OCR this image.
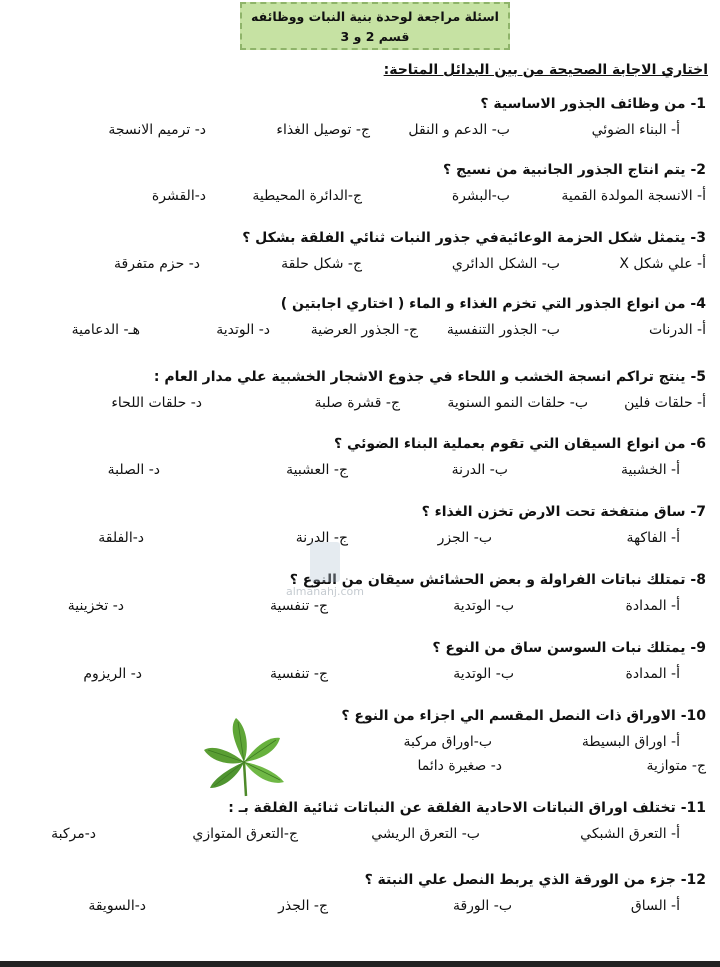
اسئلة مراجعة لوحدة بنية النبات ووظائفه
قسم 2 و 3
اختاري الاجابة الصحيحة من بين البدائل المتاحة:
1- من وظائف الجذور الاساسية ؟
أ- البناء الضوئي
ب- الدعم و النقل
ج- توصيل الغذاء
د- ترميم الانسجة
2- يتم انتاج الجذور الجانبية من نسيج ؟
أ- الانسجة المولدة القمية
ب-البشرة
ج-الدائرة المحيطية
د-القشرة
3- يتمثل شكل الحزمة الوعائيةفي جذور النبات ثنائي الفلقة بشكل ؟
أ- علي شكل X
ب- الشكل الدائري
ج- شكل حلقة
د- حزم متفرقة
4- من انواع الجذور التي تخزم الغذاء و الماء ( اختاري اجابتين )
أ- الدرنات
ب- الجذور التنفسية
ج- الجذور العرضية
د- الوتدية
هـ- الدعامية
5- ينتج تراكم انسجة الخشب و اللحاء في جذوع الاشجار الخشبية علي مدار العام :
أ- حلقات فلين
ب- حلقات النمو السنوية
ج- قشرة صلبة
د- حلقات اللحاء
6- من انواع السيقان التي تقوم بعملية البناء الضوئي ؟
أ- الخشبية
ب- الدرنة
ج- العشبية
د- الصلبة
7- ساق منتفخة تحت الارض تخزن الغذاء ؟
أ- الفاكهة
ب- الجزر
ج- الدرنة
د-الفلقة
8- تمتلك نباتات الفراولة و بعض الحشائش سيقان من النوع ؟
أ- المدادة
ب- الوتدية
ج- تنفسية
د- تخزينية
9- يمتلك نبات السوسن ساق من النوع ؟
أ- المدادة
ب- الوتدية
ج- تنفسية
د- الريزوم
10- الاوراق ذات النصل المقسم الي اجزاء من النوع ؟
أ- اوراق البسيطة
ب-اوراق مركبة
ج- متوازية
د- صغيرة دائما
11- تختلف اوراق النباتات الاحادية الفلقة عن النباتات ثنائية الفلقة بـ :
أ- التعرق الشبكي
ب- التعرق الريشي
ج-التعرق المتوازي
د-مركبة
12- جزء من الورقة الذي يربط النصل علي النبتة ؟
أ- الساق
ب- الورقة
ج- الجذر
د-السويقة
almanahj.com
